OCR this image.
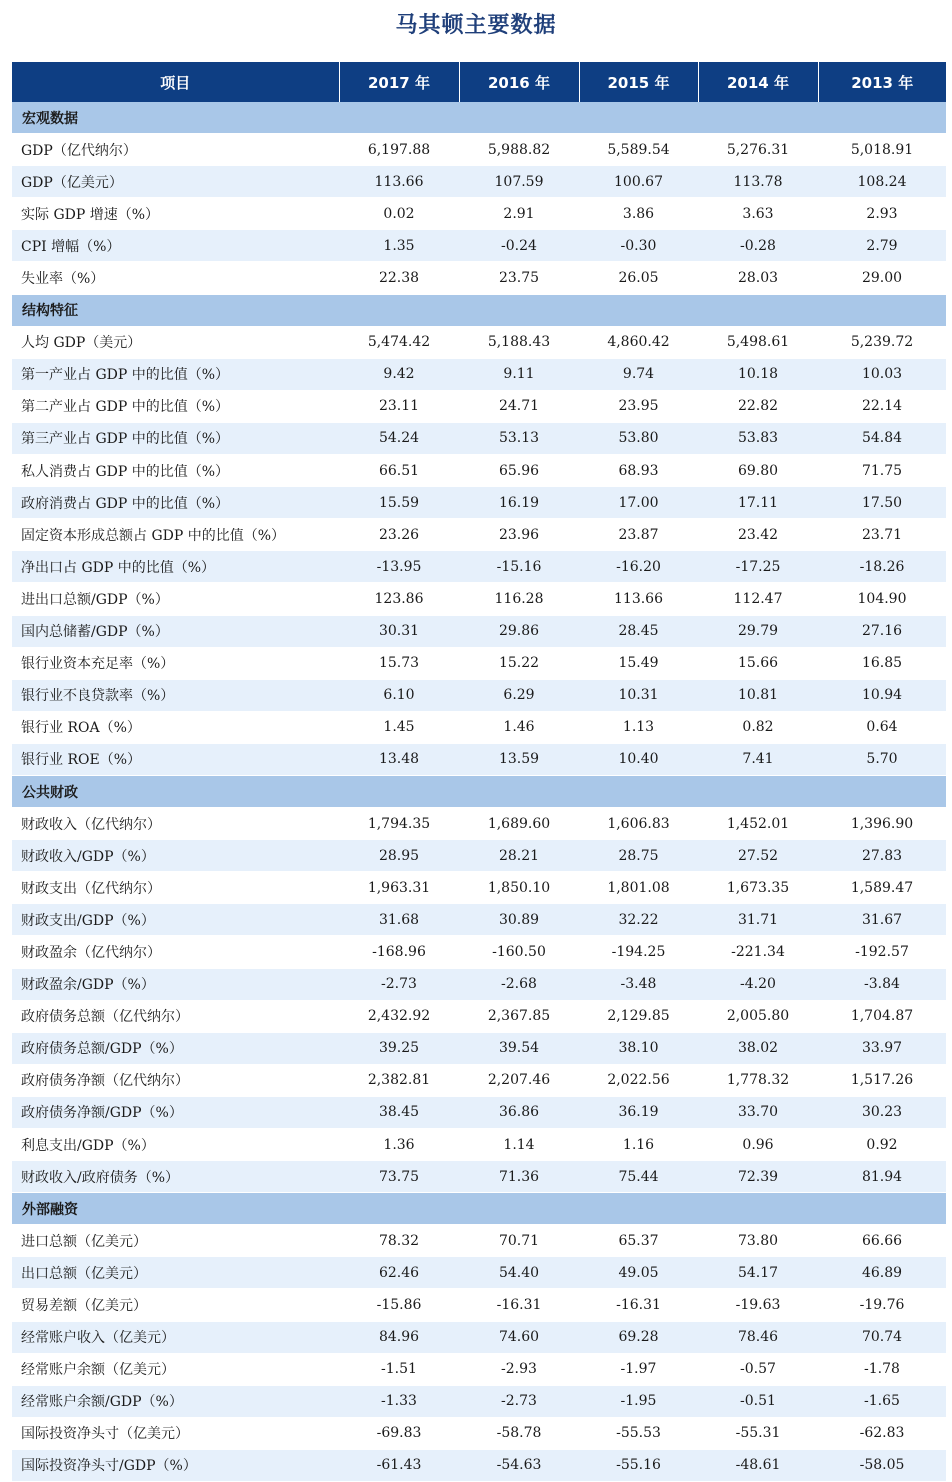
马其顿主要数据
项目	2017 年	2016 年	2015 年	2014 年	2013 年
宏观数据					
GDP（亿代纳尔）	6,197.88	5,988.82	5,589.54	5,276.31	5,018.91
GDP（亿美元）	113.66	107.59	100.67	113.78	108.24
实际 GDP 增速（%）	0.02	2.91	3.86	3.63	2.93
CPI 增幅（%）	1.35	-0.24	-0.30	-0.28	2.79
失业率（%）	22.38	23.75	26.05	28.03	29.00
结构特征					
人均 GDP（美元）	5,474.42	5,188.43	4,860.42	5,498.61	5,239.72
第一产业占 GDP 中的比值（%）	9.42	9.11	9.74	10.18	10.03
第二产业占 GDP 中的比值（%）	23.11	24.71	23.95	22.82	22.14
第三产业占 GDP 中的比值（%）	54.24	53.13	53.80	53.83	54.84
私人消费占 GDP 中的比值（%）	66.51	65.96	68.93	69.80	71.75
政府消费占 GDP 中的比值（%）	15.59	16.19	17.00	17.11	17.50
固定资本形成总额占 GDP 中的比值（%）	23.26	23.96	23.87	23.42	23.71
净出口占 GDP 中的比值（%）	-13.95	-15.16	-16.20	-17.25	-18.26
进出口总额/GDP（%）	123.86	116.28	113.66	112.47	104.90
国内总储蓄/GDP（%）	30.31	29.86	28.45	29.79	27.16
银行业资本充足率（%）	15.73	15.22	15.49	15.66	16.85
银行业不良贷款率（%）	6.10	6.29	10.31	10.81	10.94
银行业 ROA（%）	1.45	1.46	1.13	0.82	0.64
银行业 ROE（%）	13.48	13.59	10.40	7.41	5.70
公共财政					
财政收入（亿代纳尔）	1,794.35	1,689.60	1,606.83	1,452.01	1,396.90
财政收入/GDP（%）	28.95	28.21	28.75	27.52	27.83
财政支出（亿代纳尔）	1,963.31	1,850.10	1,801.08	1,673.35	1,589.47
财政支出/GDP（%）	31.68	30.89	32.22	31.71	31.67
财政盈余（亿代纳尔）	-168.96	-160.50	-194.25	-221.34	-192.57
财政盈余/GDP（%）	-2.73	-2.68	-3.48	-4.20	-3.84
政府债务总额（亿代纳尔）	2,432.92	2,367.85	2,129.85	2,005.80	1,704.87
政府债务总额/GDP（%）	39.25	39.54	38.10	38.02	33.97
政府债务净额（亿代纳尔）	2,382.81	2,207.46	2,022.56	1,778.32	1,517.26
政府债务净额/GDP（%）	38.45	36.86	36.19	33.70	30.23
利息支出/GDP（%）	1.36	1.14	1.16	0.96	0.92
财政收入/政府债务（%）	73.75	71.36	75.44	72.39	81.94
外部融资					
进口总额（亿美元）	78.32	70.71	65.37	73.80	66.66
出口总额（亿美元）	62.46	54.40	49.05	54.17	46.89
贸易差额（亿美元）	-15.86	-16.31	-16.31	-19.63	-19.76
经常账户收入（亿美元）	84.96	74.60	69.28	78.46	70.74
经常账户余额（亿美元）	-1.51	-2.93	-1.97	-0.57	-1.78
经常账户余额/GDP（%）	-1.33	-2.73	-1.95	-0.51	-1.65
国际投资净头寸（亿美元）	-69.83	-58.78	-55.53	-55.31	-62.83
国际投资净头寸/GDP（%）	-61.43	-54.63	-55.16	-48.61	-58.05
